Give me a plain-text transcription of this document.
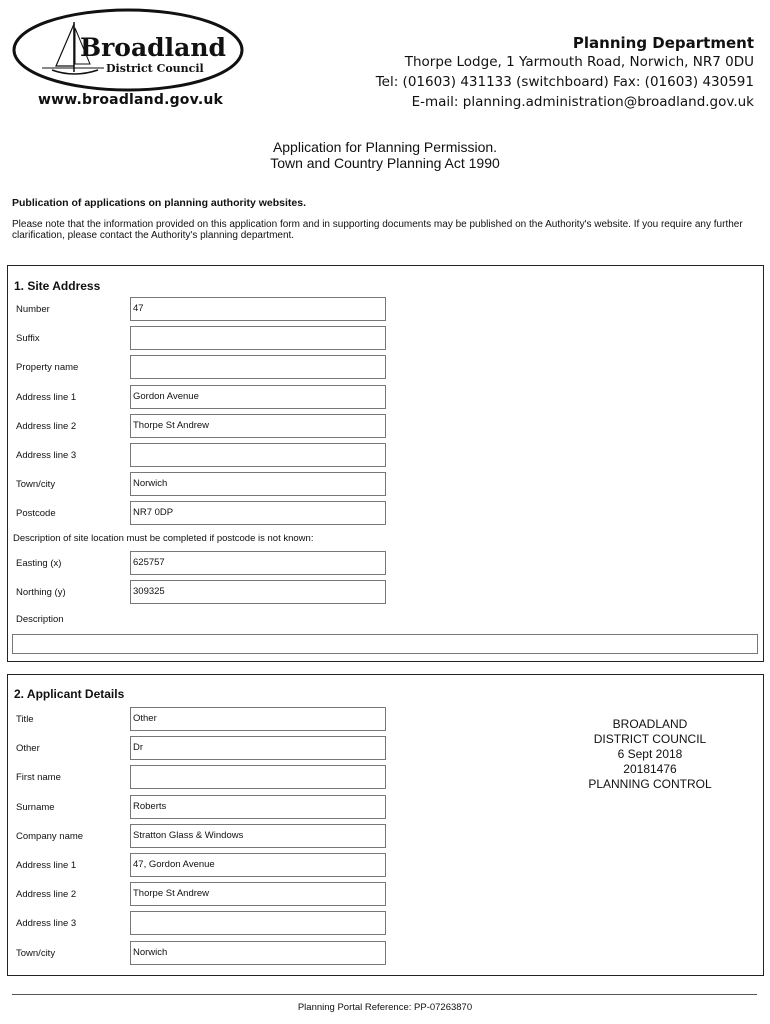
Broadland
District Council
www.broadland.gov.uk
Planning Department
Thorpe Lodge, 1 Yarmouth Road, Norwich, NR7 0DU
Tel: (01603) 431133 (switchboard) Fax: (01603) 430591
E-mail: planning.administration@broadland.gov.uk
Application for Planning Permission.
Town and Country Planning Act 1990
Publication of applications on planning authority websites.
Please note that the information provided on this application form and in supporting documents may be published on the Authority's website. If you require any further clarification, please contact the Authority's planning department.
1. Site Address
Number	47
Suffix
Property name
Address line 1	Gordon Avenue
Address line 2	Thorpe St Andrew
Address line 3
Town/city	Norwich
Postcode	NR7 0DP
Description of site location must be completed if postcode is not known:
Easting (x)	625757
Northing (y)	309325
Description
2. Applicant Details
Title	Other
Other	Dr
First name
Surname	Roberts
Company name	Stratton Glass & Windows
Address line 1	47, Gordon Avenue
Address line 2	Thorpe St Andrew
Address line 3
Town/city	Norwich
BROADLAND
DISTRICT COUNCIL
6 Sept 2018
20181476
PLANNING CONTROL
Planning Portal Reference: PP-07263870
